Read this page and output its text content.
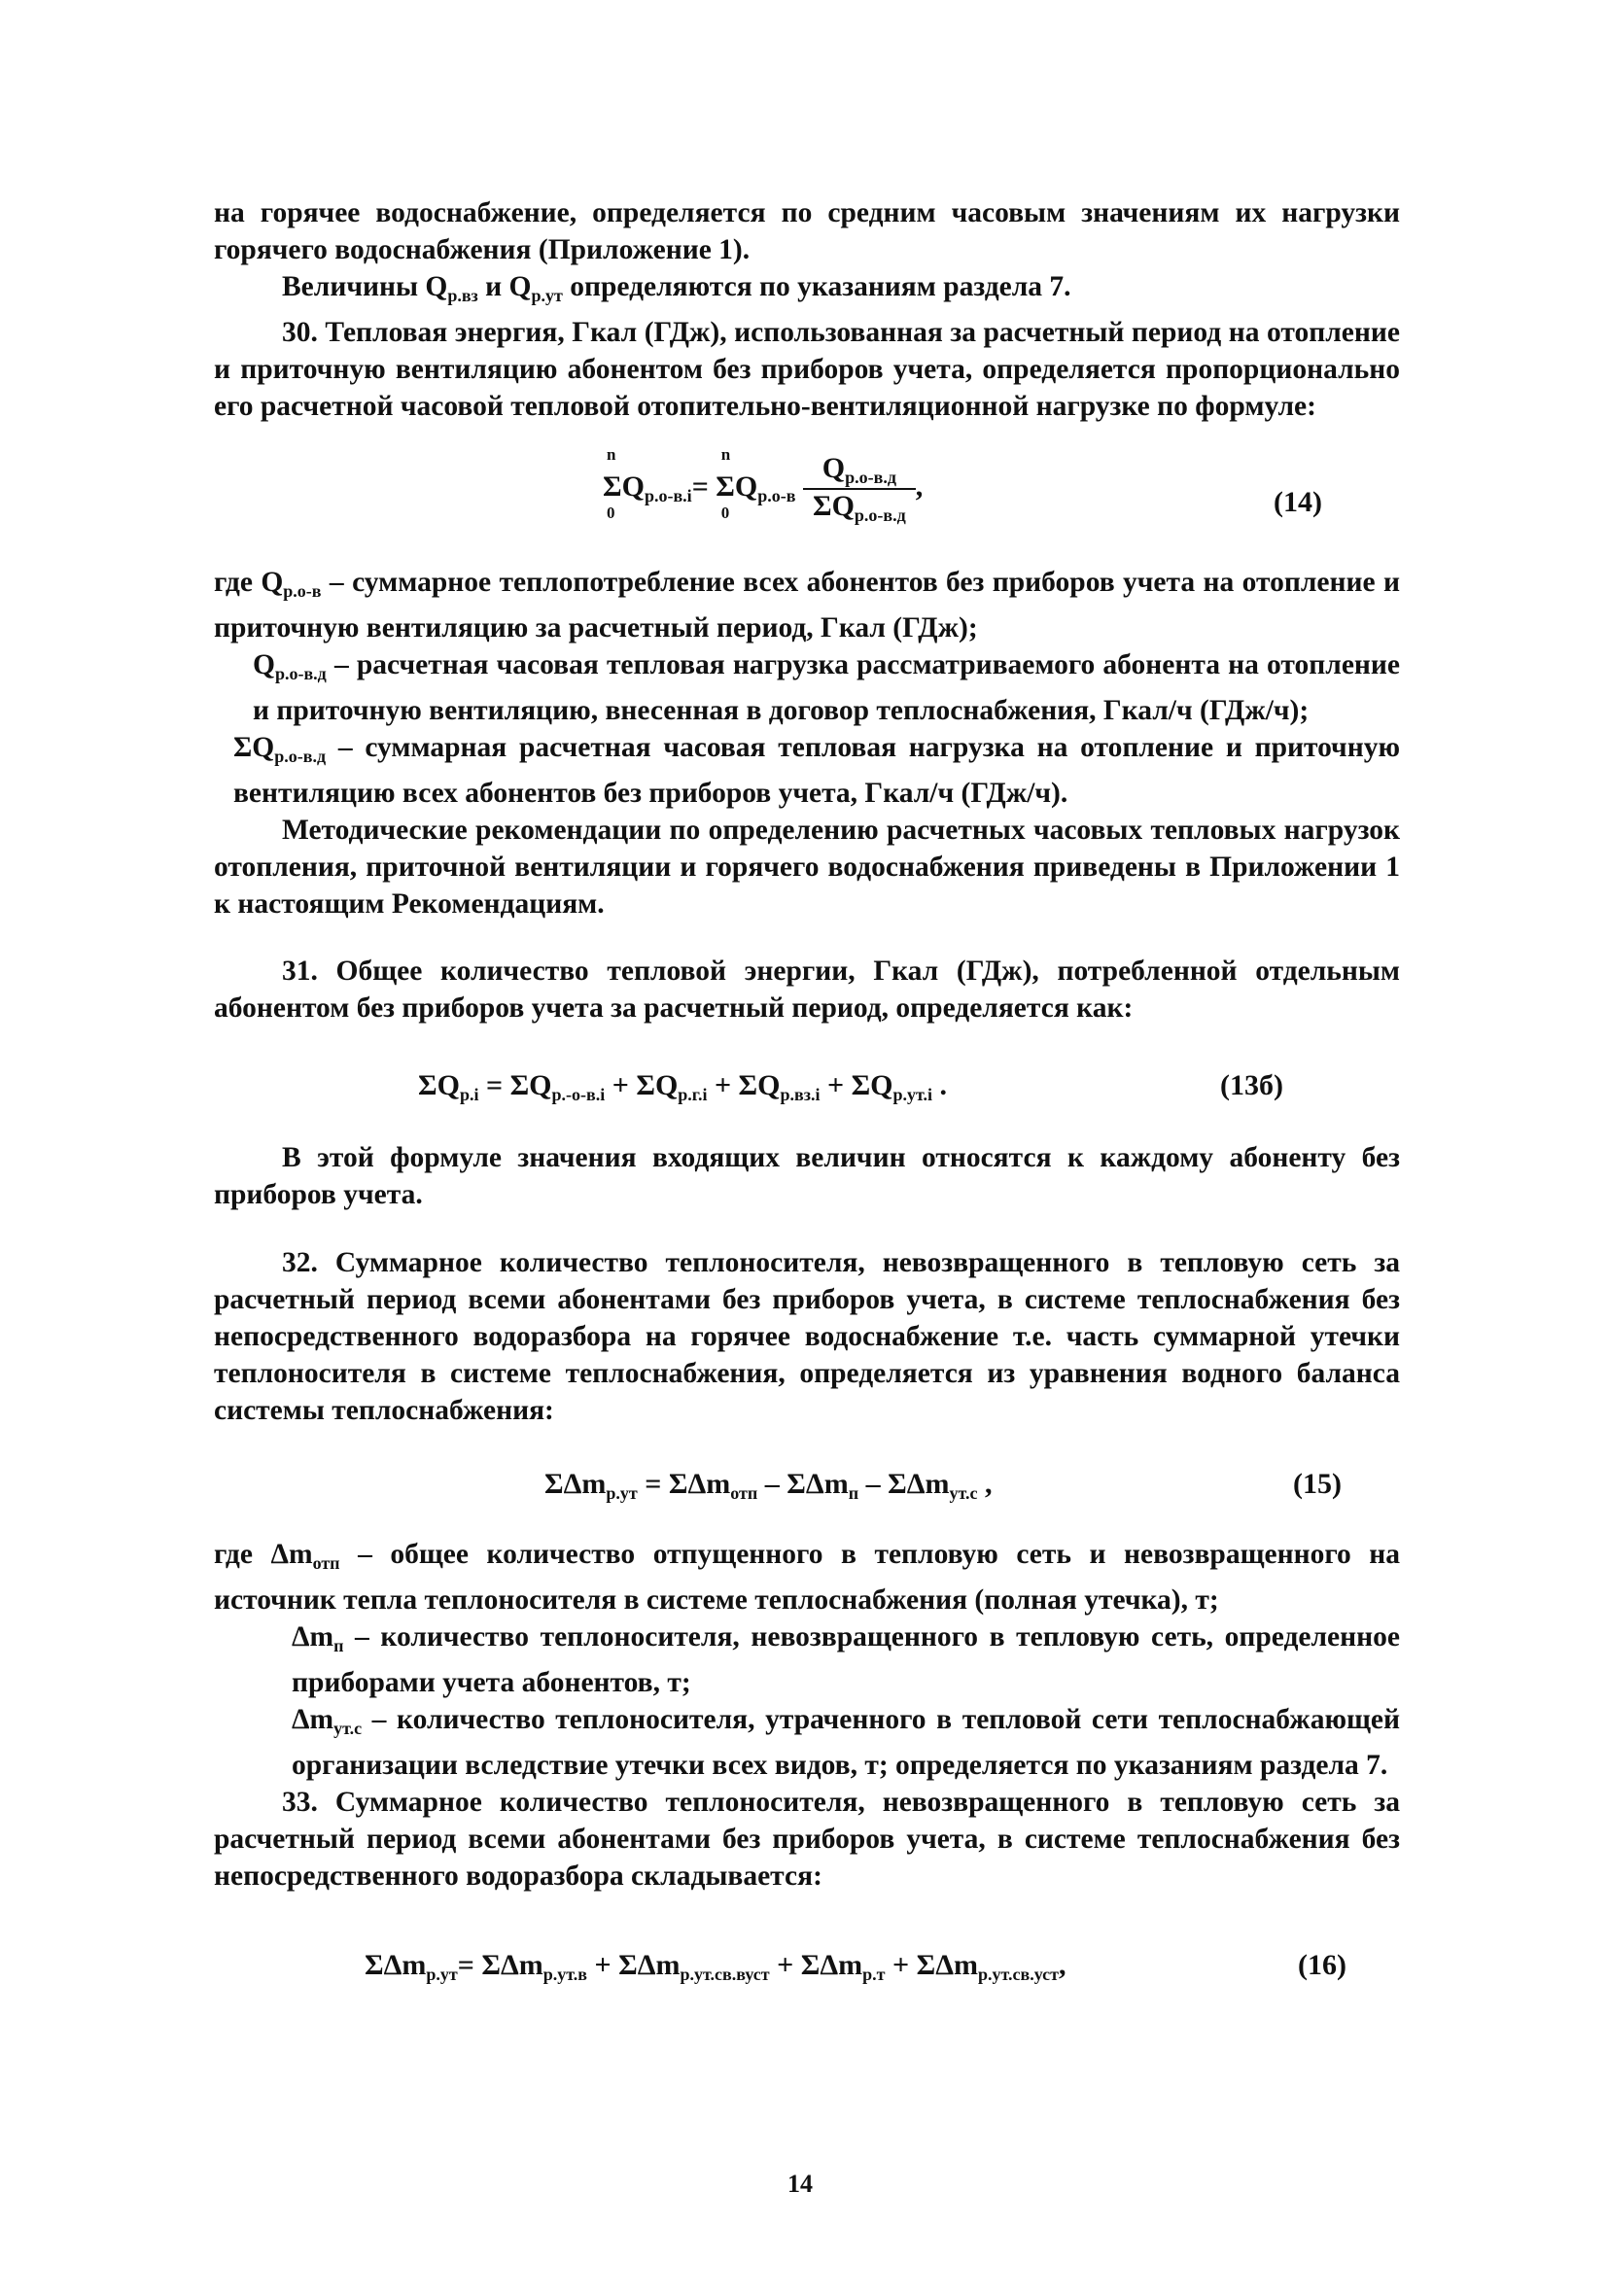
на горячее водоснабжение, определяется по средним часовым значениям их нагрузки горячего водоснабжения (Приложение 1).

Величины $Q_{р.вз}$ и $Q_{р.ут}$ определяются по указаниям раздела 7.

30. Тепловая энергия, Гкал (ГДж), использованная за расчетный период на отопление и приточную вентиляцию абонентом без приборов учета, определяется пропорционально его расчетной часовой тепловой отопительно-вентиляционной нагрузке по формуле:

n
0
$\Sigma Q_{р.о-в.i}$
n
0
= $\Sigma Q_{р.о-в} \frac{Q_{р.о-в.д}}{\Sigma Q_{р.о-в.д}}$ ,	(14)
где $Q_{р.о-в}$ – суммарное теплопотребление всех абонентов без приборов учета на отопление и приточную вентиляцию за расчетный период, Гкал (ГДж);
$Q_{р.о-в.д}$ – расчетная часовая тепловая нагрузка рассматриваемого абонента на отопление и приточную вентиляцию, внесенная в договор теплоснабжения, Гкал/ч (ГДж/ч);
$\Sigma Q_{р.о-в.д}$ – суммарная расчетная часовая тепловая нагрузка на отопление и приточную вентиляцию всех абонентов без приборов учета, Гкал/ч (ГДж/ч).

Методические рекомендации по определению расчетных часовых тепловых нагрузок отопления, приточной вентиляции и горячего водоснабжения приведены в Приложении 1 к настоящим Рекомендациям.

31. Общее количество тепловой энергии, Гкал (ГДж), потребленной отдельным абонентом без приборов учета за расчетный период, определяется как:

$\Sigma Q_{р.i} = \Sigma Q_{р.-о-в.i} + \Sigma Q_{р.г.i} + \Sigma Q_{р.вз.i} + \Sigma Q_{р.ут.i}$ .	(13б)

В этой формуле значения входящих величин относятся к каждому абоненту без приборов учета.

32. Суммарное количество теплоносителя, невозвращенного в тепловую сеть за расчетный период всеми абонентами без приборов учета, в системе теплоснабжения без непосредственного водоразбора на горячее водоснабжение т.е. часть суммарной утечки теплоносителя в системе теплоснабжения, определяется из уравнения водного баланса системы теплоснабжения:

ΣΔm$_{р.ут}$ = ΣΔm$_{отп}$ – ΣΔm$_п$ – ΣΔm$_{ут.с}$ ,	(15)
где $\Delta m_{отп}$ – общее количество отпущенного в тепловую сеть и невозвращенного на источник тепла теплоносителя в системе теплоснабжения (полная утечка), т;
$\Delta m_п$ – количество теплоносителя, невозвращенного в тепловую сеть, определенное приборами учета абонентов, т;
$\Delta m_{ут.с}$ – количество теплоносителя, утраченного в тепловой сети теплоснабжающей организации вследствие утечки всех видов, т; определяется по указаниям раздела 7.

33. Суммарное количество теплоносителя, невозвращенного в тепловую сеть за расчетный период всеми абонентами без приборов учета, в системе теплоснабжения без непосредственного водоразбора складывается:

ΣΔm$_{р.ут}$= ΣΔm$_{р.ут.в}$ + ΣΔm$_{р.ут.св.вуст}$ + ΣΔm$_{р.т}$ + ΣΔm$_{р.ут.св.уст}$,	(16)
14
